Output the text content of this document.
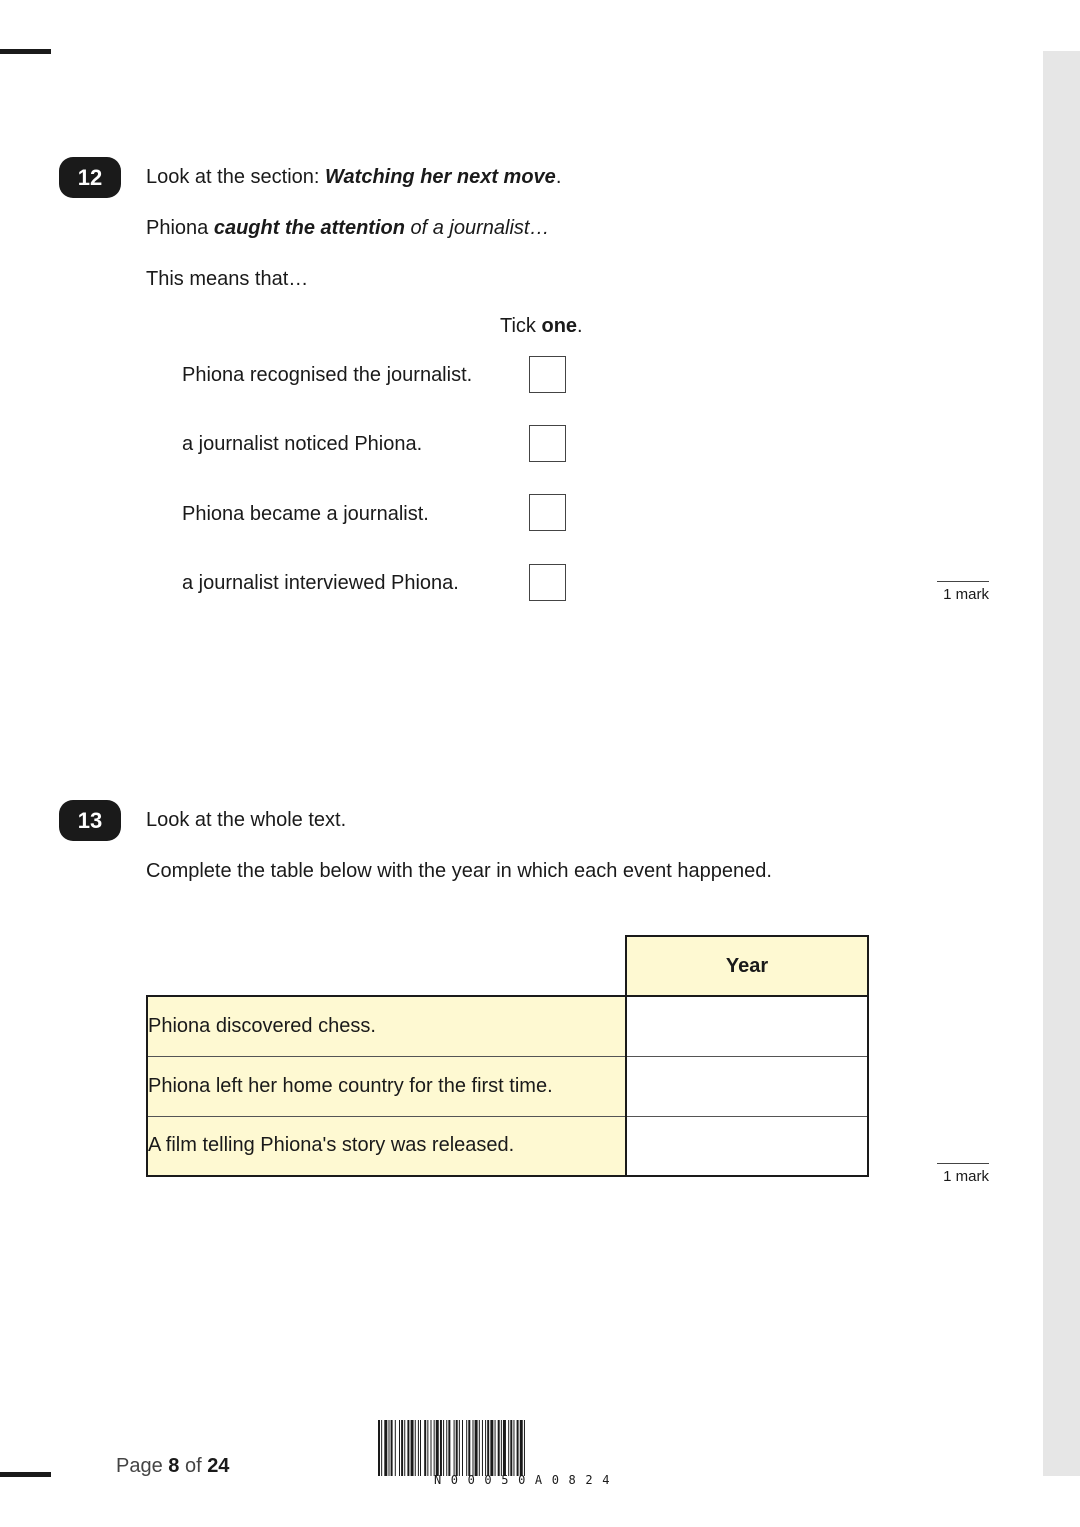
12	Look at the section: Watching her next move.
Phiona caught the attention of a journalist…
This means that…
Tick one.
Phiona recognised the journalist.
a journalist noticed Phiona.
Phiona became a journalist.
a journalist interviewed Phiona.
1 mark
13	Look at the whole text.
Complete the table below with the year in which each event happened.
	Year
Phiona discovered chess.	
Phiona left her home country for the first time.	
A film telling Phiona's story was released.	
1 mark
Page 8 of 24
N00050A0824
